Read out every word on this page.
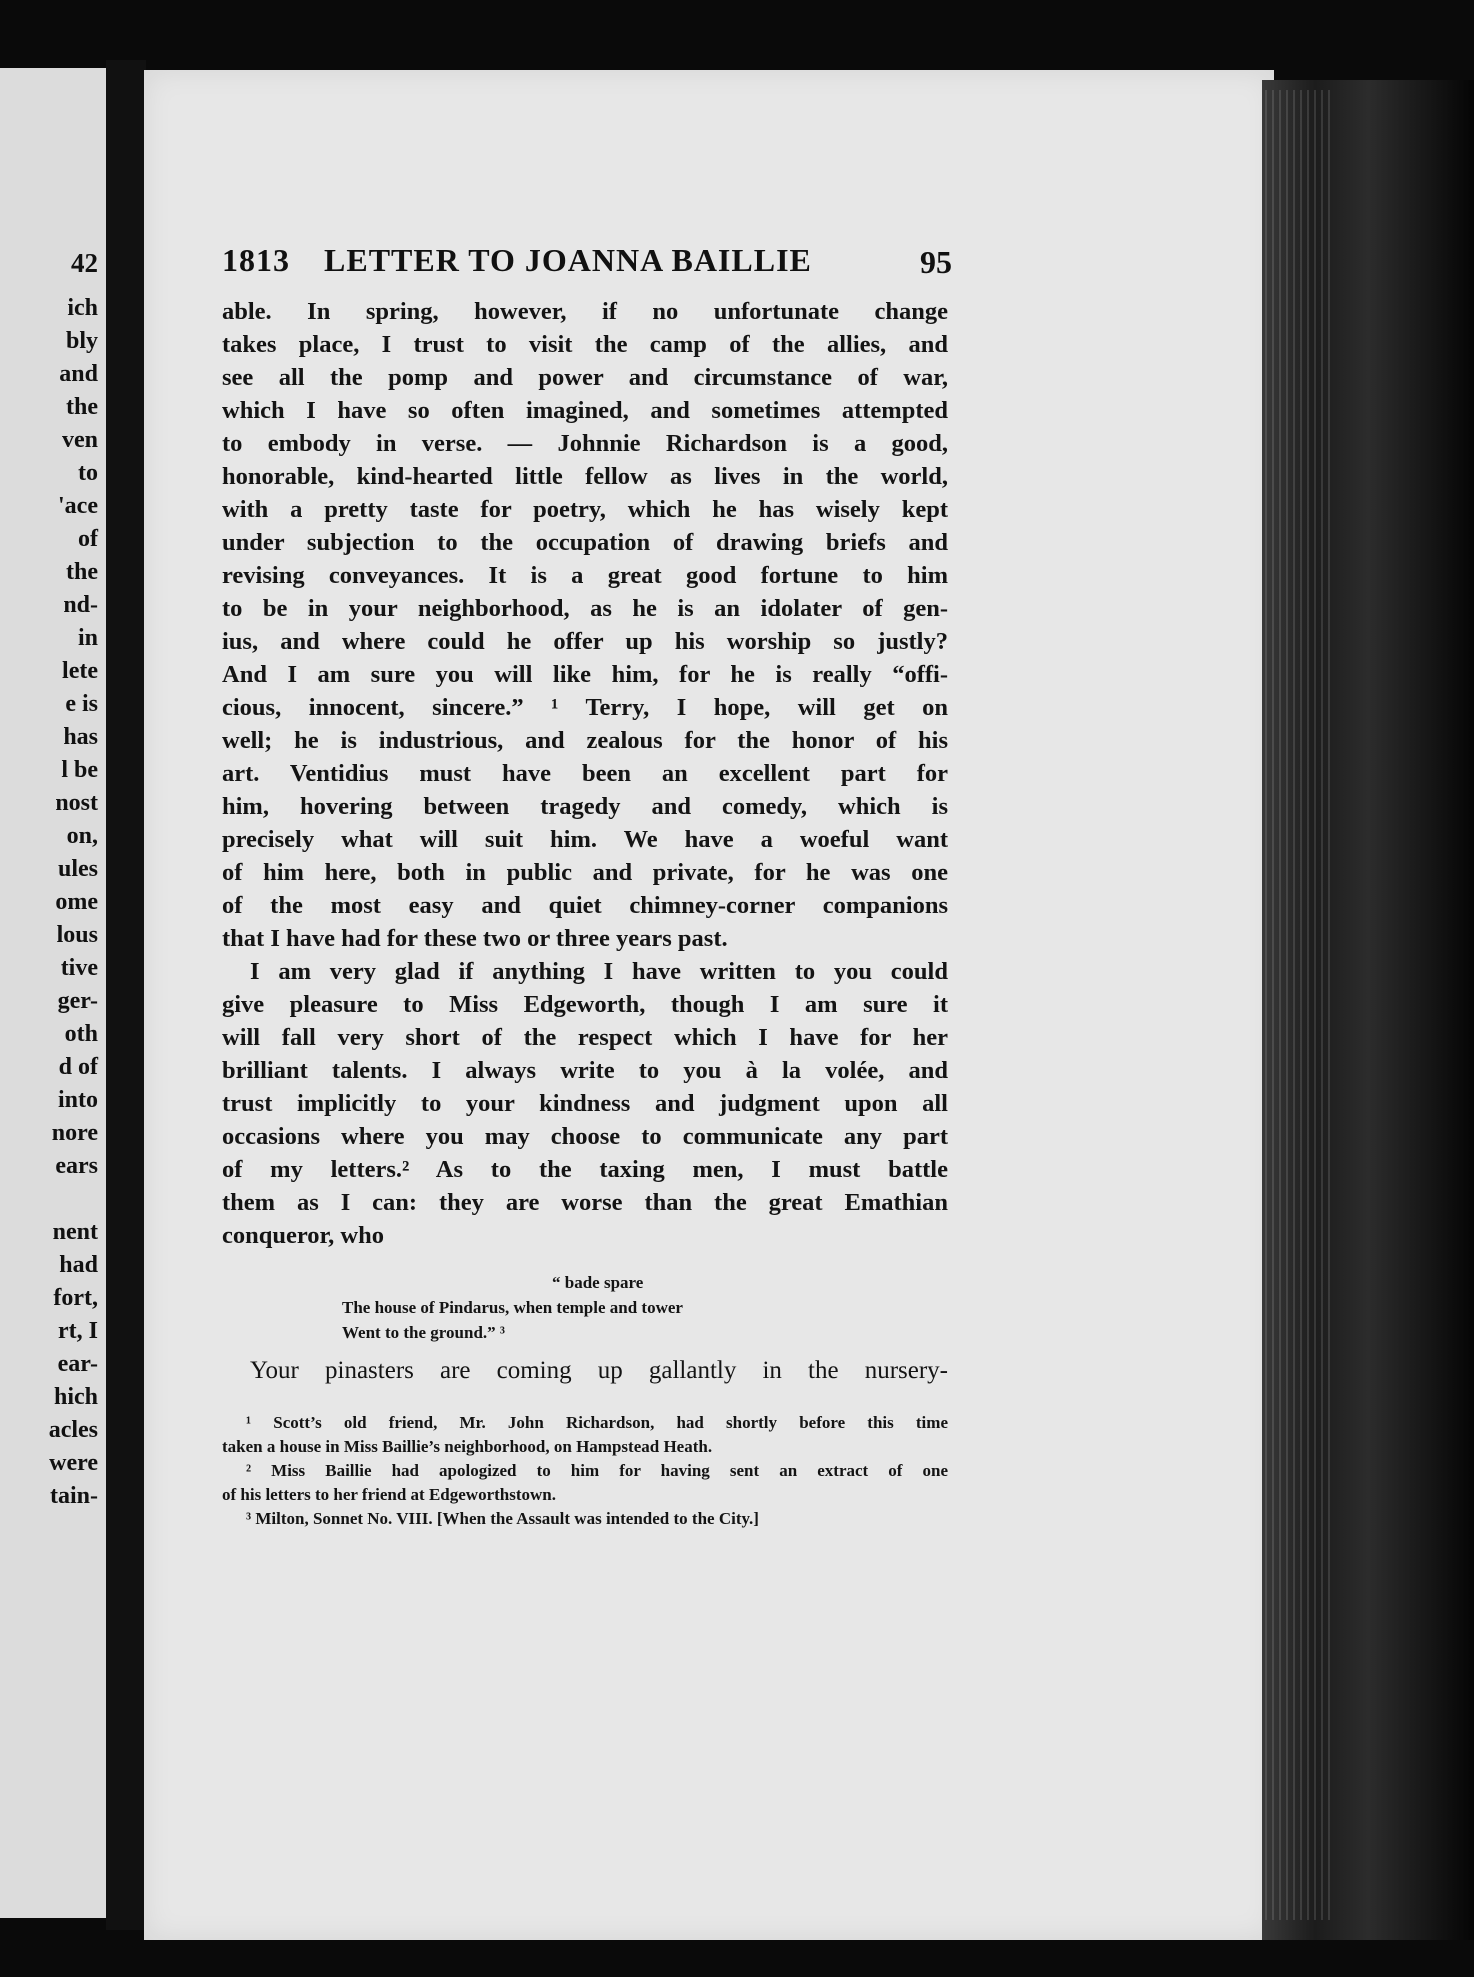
42
ich
bly
and
the
ven
to
'ace
of
the
nd-
in
lete
e is
has
l be
nost
on,
ules
ome
lous
tive
ger-
oth
d of
into
nore
ears
nent
had
fort,
rt, I
ear-
hich
acles
were
tain-
1813 LETTER TO JOANNA BAILLIE	95
able. In spring, however, if no unfortunate change
takes place, I trust to visit the camp of the allies, and
see all the pomp and power and circumstance of war,
which I have so often imagined, and sometimes attempted
to embody in verse. — Johnnie Richardson is a good,
honorable, kind-hearted little fellow as lives in the world,
with a pretty taste for poetry, which he has wisely kept
under subjection to the occupation of drawing briefs and
revising conveyances. It is a great good fortune to him
to be in your neighborhood, as he is an idolater of gen-
ius, and where could he offer up his worship so justly?
And I am sure you will like him, for he is really “offi-
cious, innocent, sincere.” ¹ Terry, I hope, will get on
well; he is industrious, and zealous for the honor of his
art. Ventidius must have been an excellent part for
him, hovering between tragedy and comedy, which is
precisely what will suit him. We have a woeful want
of him here, both in public and private, for he was one
of the most easy and quiet chimney-corner companions
that I have had for these two or three years past.
I am very glad if anything I have written to you could
give pleasure to Miss Edgeworth, though I am sure it
will fall very short of the respect which I have for her
brilliant talents. I always write to you à la volée, and
trust implicitly to your kindness and judgment upon all
occasions where you may choose to communicate any part
of my letters.² As to the taxing men, I must battle
them as I can: they are worse than the great Emathian
conqueror, who
“ bade spare
The house of Pindarus, when temple and tower
Went to the ground.” ³
Your pinasters are coming up gallantly in the nursery-
¹ Scott’s old friend, Mr. John Richardson, had shortly before this time
taken a house in Miss Baillie’s neighborhood, on Hampstead Heath.
² Miss Baillie had apologized to him for having sent an extract of one
of his letters to her friend at Edgeworthstown.
³ Milton, Sonnet No. VIII. [When the Assault was intended to the City.]
